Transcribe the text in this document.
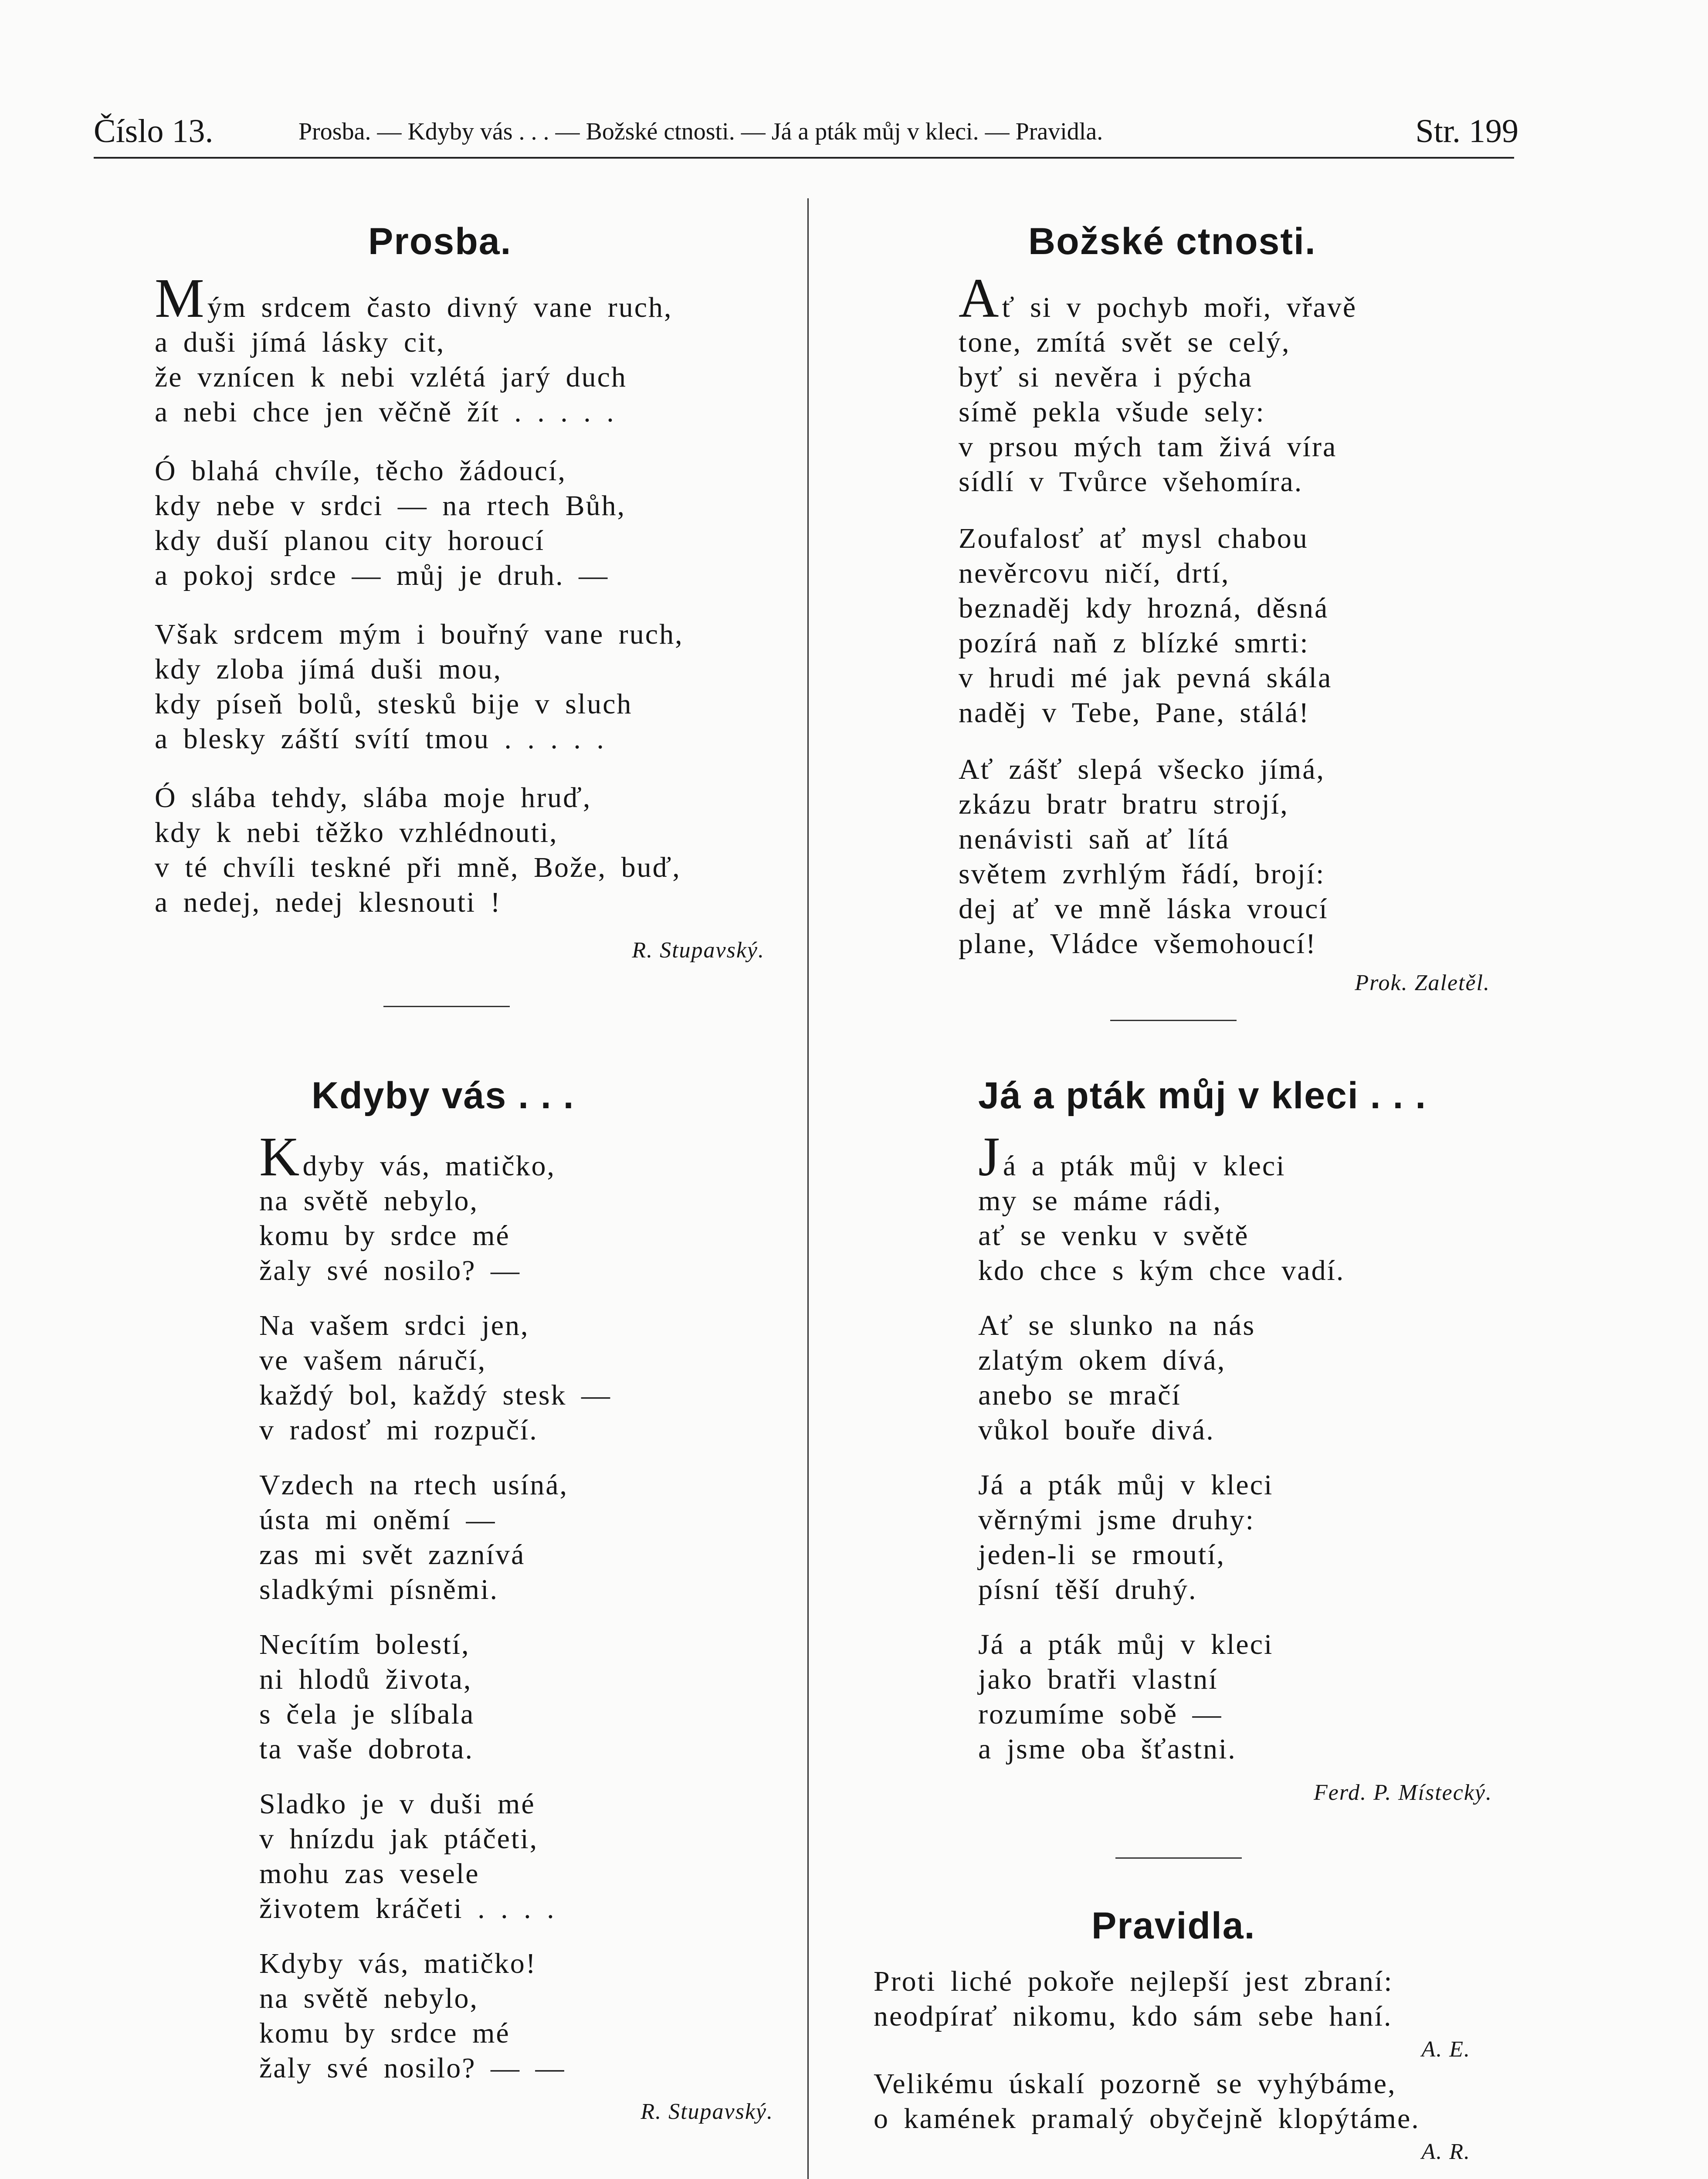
Číslo 13.	Prosba. — Kdyby vás . . . — Božské ctnosti. — Já a pták můj v kleci. — Pravidla.	Str. 199
Prosba.
Mým srdcem často divný vane ruch,
a duši jímá lásky cit,
že vznícen k nebi vzlétá jarý duch
a nebi chce jen věčně žít . . . . .
Ó blahá chvíle, těcho žádoucí,
kdy nebe v srdci — na rtech Bůh,
kdy duší planou city horoucí
a pokoj srdce — můj je druh. —
Však srdcem mým i bouřný vane ruch,
kdy zloba jímá duši mou,
kdy píseň bolů, stesků bije v sluch
a blesky záští svítí tmou . . . . .
Ó slába tehdy, slába moje hruď,
kdy k nebi těžko vzhlédnouti,
v té chvíli teskné při mně, Bože, buď,
a nedej, nedej klesnouti !
R. Stupavský.
Kdyby vás . . .
Kdyby vás, matičko,
na světě nebylo,
komu by srdce mé
žaly své nosilo? —
Na vašem srdci jen,
ve vašem náručí,
každý bol, každý stesk —
v radosť mi rozpučí.
Vzdech na rtech usíná,
ústa mi oněmí —
zas mi svět zaznívá
sladkými písněmi.
Necítím bolestí,
ni hlodů života,
s čela je slíbala
ta vaše dobrota.
Sladko je v duši mé
v hnízdu jak ptáčeti,
mohu zas vesele
životem kráčeti . . . .
Kdyby vás, matičko!
na světě nebylo,
komu by srdce mé
žaly své nosilo? — —
R. Stupavský.
Božské ctnosti.
Ať si v pochyb moři, vřavě
tone, zmítá svět se celý,
byť si nevěra i pýcha
símě pekla všude sely:
v prsou mých tam živá víra
sídlí v Tvůrce všehomíra.
Zoufalosť ať mysl chabou
nevěrcovu ničí, drtí,
beznaděj kdy hrozná, děsná
pozírá naň z blízké smrti:
v hrudi mé jak pevná skála
naděj v Tebe, Pane, stálá!
Ať zášť slepá všecko jímá,
zkázu bratr bratru strojí,
nenávisti saň ať lítá
světem zvrhlým řádí, brojí:
dej ať ve mně láska vroucí
plane, Vládce všemohoucí!
Prok. Zaletěl.
Já a pták můj v kleci . . .
Já a pták můj v kleci
my se máme rádi,
ať se venku v světě
kdo chce s kým chce vadí.
Ať se slunko na nás
zlatým okem dívá,
anebo se mračí
vůkol bouře divá.
Já a pták můj v kleci
věrnými jsme druhy:
jeden-li se rmoutí,
písní těší druhý.
Já a pták můj v kleci
jako bratři vlastní
rozumíme sobě —
a jsme oba šťastni.
Ferd. P. Místecký.
Pravidla.
Proti liché pokoře nejlepší jest zbraní:
neodpírať nikomu, kdo sám sebe haní.
A. E.
Velikému úskalí pozorně se vyhýbáme,
o kamének pramalý obyčejně klopýtáme.
A. R.
